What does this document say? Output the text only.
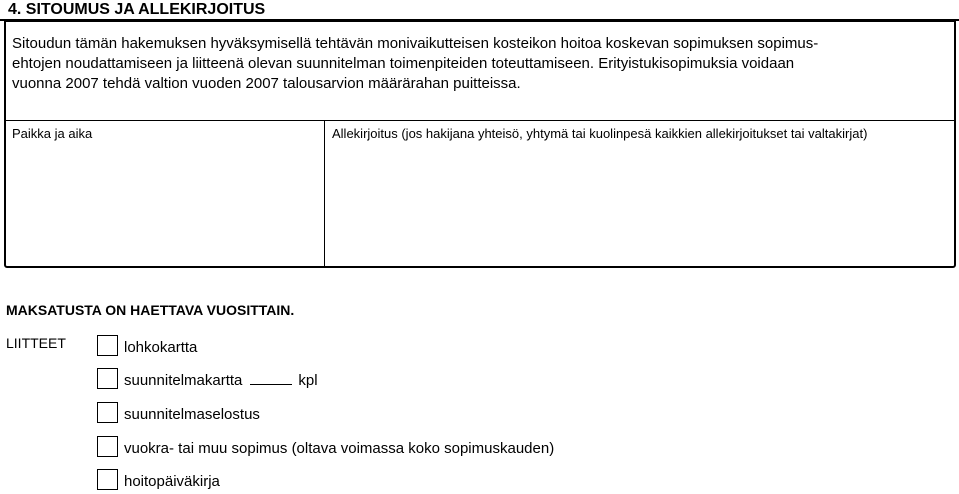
4. SITOUMUS JA ALLEKIRJOITUS
Sitoudun tämän hakemuksen hyväksymisellä tehtävän monivaikutteisen kosteikon hoitoa koskevan sopimuksen sopimus-
ehtojen noudattamiseen ja liitteenä olevan suunnitelman toimenpiteiden toteuttamiseen. Erityistukisopimuksia voidaan
vuonna 2007 tehdä valtion vuoden 2007 talousarvion määrärahan puitteissa.
Paikka ja aika	Allekirjoitus (jos hakijana yhteisö, yhtymä tai kuolinpesä kaikkien allekirjoitukset tai valtakirjat)
MAKSATUSTA ON HAETTAVA VUOSITTAIN.
LIITTEET	lohkokartta
suunnitelmakartta	kpl
suunnitelmaselostus
vuokra- tai muu sopimus (oltava voimassa koko sopimuskauden)
hoitopäiväkirja
